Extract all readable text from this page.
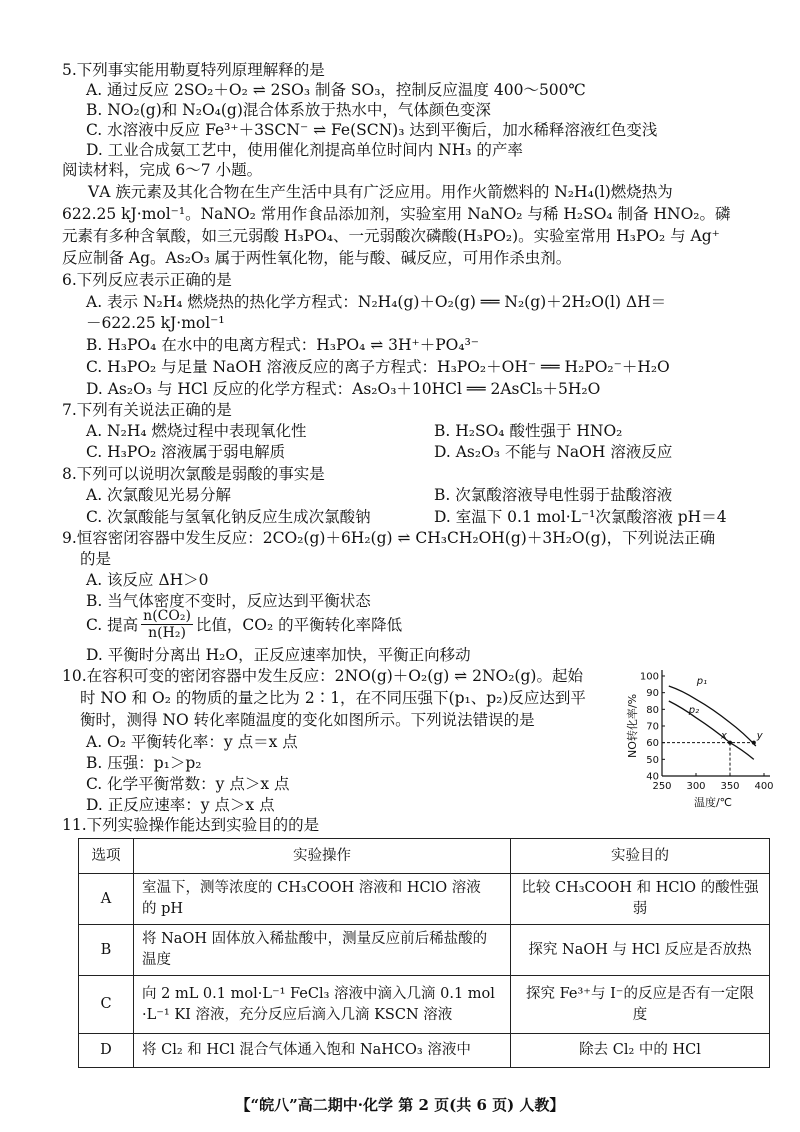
5.下列事实能用勒夏特列原理解释的是
A. 通过反应 2SO₂＋O₂ ⇌ 2SO₃ 制备 SO₃，控制反应温度 400～500℃
B. NO₂(g)和 N₂O₄(g)混合体系放于热水中，气体颜色变深
C. 水溶液中反应 Fe³⁺＋3SCN⁻ ⇌ Fe(SCN)₃ 达到平衡后，加水稀释溶液红色变浅
D. 工业合成氨工艺中，使用催化剂提高单位时间内 NH₃ 的产率
阅读材料，完成 6～7 小题。
ⅤA 族元素及其化合物在生产生活中具有广泛应用。用作火箭燃料的 N₂H₄(l)燃烧热为
622.25 kJ·mol⁻¹。NaNO₂ 常用作食品添加剂，实验室用 NaNO₂ 与稀 H₂SO₄ 制备 HNO₂。磷
元素有多种含氧酸，如三元弱酸 H₃PO₄、一元弱酸次磷酸(H₃PO₂)。实验室常用 H₃PO₂ 与 Ag⁺
反应制备 Ag。As₂O₃ 属于两性氧化物，能与酸、碱反应，可用作杀虫剂。
6.下列反应表示正确的是
A. 表示 N₂H₄ 燃烧热的热化学方程式：N₂H₄(g)＋O₂(g) ══ N₂(g)＋2H₂O(l) ΔH＝
－622.25 kJ·mol⁻¹
B. H₃PO₄ 在水中的电离方程式：H₃PO₄ ⇌ 3H⁺＋PO₄³⁻
C. H₃PO₂ 与足量 NaOH 溶液反应的离子方程式：H₃PO₂＋OH⁻ ══ H₂PO₂⁻＋H₂O
D. As₂O₃ 与 HCl 反应的化学方程式：As₂O₃＋10HCl ══ 2AsCl₅＋5H₂O
7.下列有关说法正确的是
A. N₂H₄ 燃烧过程中表现氧化性	B. H₂SO₄ 酸性强于 HNO₂
C. H₃PO₂ 溶液属于弱电解质	D. As₂O₃ 不能与 NaOH 溶液反应
8.下列可以说明次氯酸是弱酸的事实是
A. 次氯酸见光易分解	B. 次氯酸溶液导电性弱于盐酸溶液
C. 次氯酸能与氢氧化钠反应生成次氯酸钠	D. 室温下 0.1 mol·L⁻¹次氯酸溶液 pH＝4
9.恒容密闭容器中发生反应：2CO₂(g)＋6H₂(g) ⇌ CH₃CH₂OH(g)＋3H₂O(g)，下列说法正确
的是
A. 该反应 ΔH＞0
B. 当气体密度不变时，反应达到平衡状态
C. 提高 $\frac{\text{n(CO₂)}}{\text{n(H₂)}}$ 比值，CO₂ 的平衡转化率降低
D. 平衡时分离出 H₂O，正反应速率加快，平衡正向移动
10.在容积可变的密闭容器中发生反应：2NO(g)＋O₂(g) ⇌ 2NO₂(g)。起始
时 NO 和 O₂ 的物质的量之比为 2∶1，在不同压强下(p₁、p₂)反应达到平
衡时，测得 NO 转化率随温度的变化如图所示。下列说法错误的是
A. O₂ 平衡转化率：y 点＝x 点
B. 压强：p₁＞p₂
C. 化学平衡常数：y 点＞x 点
D. 正反应速率：y 点＞x 点
40
50
60
70
80
90
100
250 300 350 400
温度/℃
NO转化率/%
p₁
p₂
x	y
11.下列实验操作能达到实验目的的是
选项	实验操作	实验目的
A	室温下，测等浓度的 CH₃COOH 溶液和 HClO 溶液
的 pH	比较 CH₃COOH 和 HClO 的酸性强弱
B	将 NaOH 固体放入稀盐酸中，测量反应前后稀盐酸的
温度	探究 NaOH 与 HCl 反应是否放热
C	向 2 mL 0.1 mol·L⁻¹ FeCl₃ 溶液中滴入几滴 0.1 mol
·L⁻¹ KI 溶液，充分反应后滴入几滴 KSCN 溶液	探究 Fe³⁺与 I⁻的反应是否有一定限度
D	将 Cl₂ 和 HCl 混合气体通入饱和 NaHCO₃ 溶液中	除去 Cl₂ 中的 HCl
【“皖八”高二期中·化学 第 2 页(共 6 页) 人教】
